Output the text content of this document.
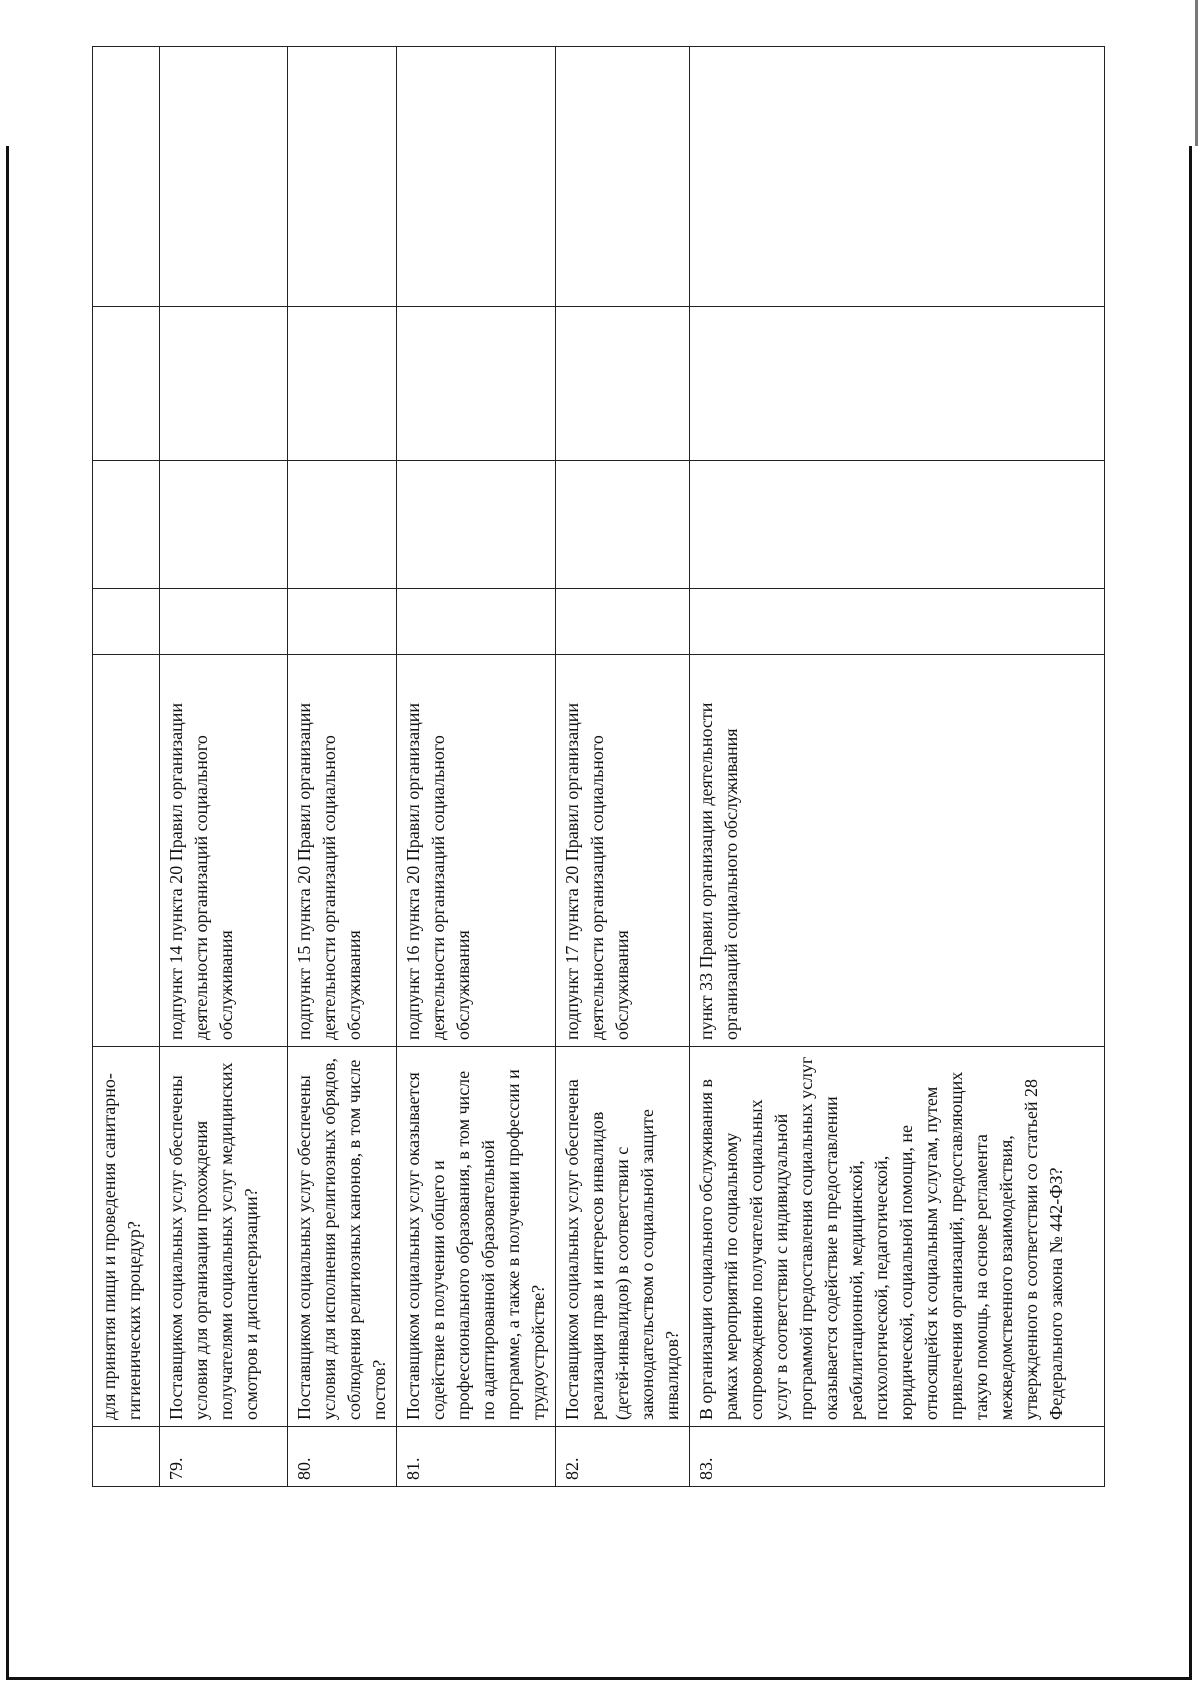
	для принятия пищи и проведения санитарно-гигиенических процедур?					
79.	Поставщиком социальных услуг обеспечены условия для организации прохождения получателями социальных услуг медицинских осмотров и диспансеризации?	подпункт 14 пункта 20 Правил организации деятельности организаций социального обслуживания				
80.	Поставщиком социальных услуг обеспечены условия для исполнения религиозных обрядов, соблюдения религиозных канонов, в том числе постов?	подпункт 15 пункта 20 Правил организации деятельности организаций социального обслуживания				
81.	Поставщиком социальных услуг оказывается содействие в получении общего и профессионального образования, в том числе по адаптированной образовательной программе, а также в получении профессии и трудоустройстве?	подпункт 16 пункта 20 Правил организации деятельности организаций социального обслуживания				
82.	Поставщиком социальных услуг обеспечена реализация прав и интересов инвалидов (детей-инвалидов) в соответствии с законодательством о социальной защите инвалидов?	подпункт 17 пункта 20 Правил организации деятельности организаций социального обслуживания				
83.	В организации социального обслуживания в рамках мероприятий по социальному сопровождению получателей социальных услуг в соответствии с индивидуальной программой предоставления социальных услуг оказывается содействие в предоставлении реабилитационной, медицинской, психологической, педагогической, юридической, социальной помощи, не относящейся к социальным услугам, путем привлечения организаций, предоставляющих такую помощь, на основе регламента межведомственного взаимодействия, утвержденного в соответствии со статьей 28 Федерального закона № 442-ФЗ?	пункт 33 Правил организации деятельности организаций социального обслуживания				
